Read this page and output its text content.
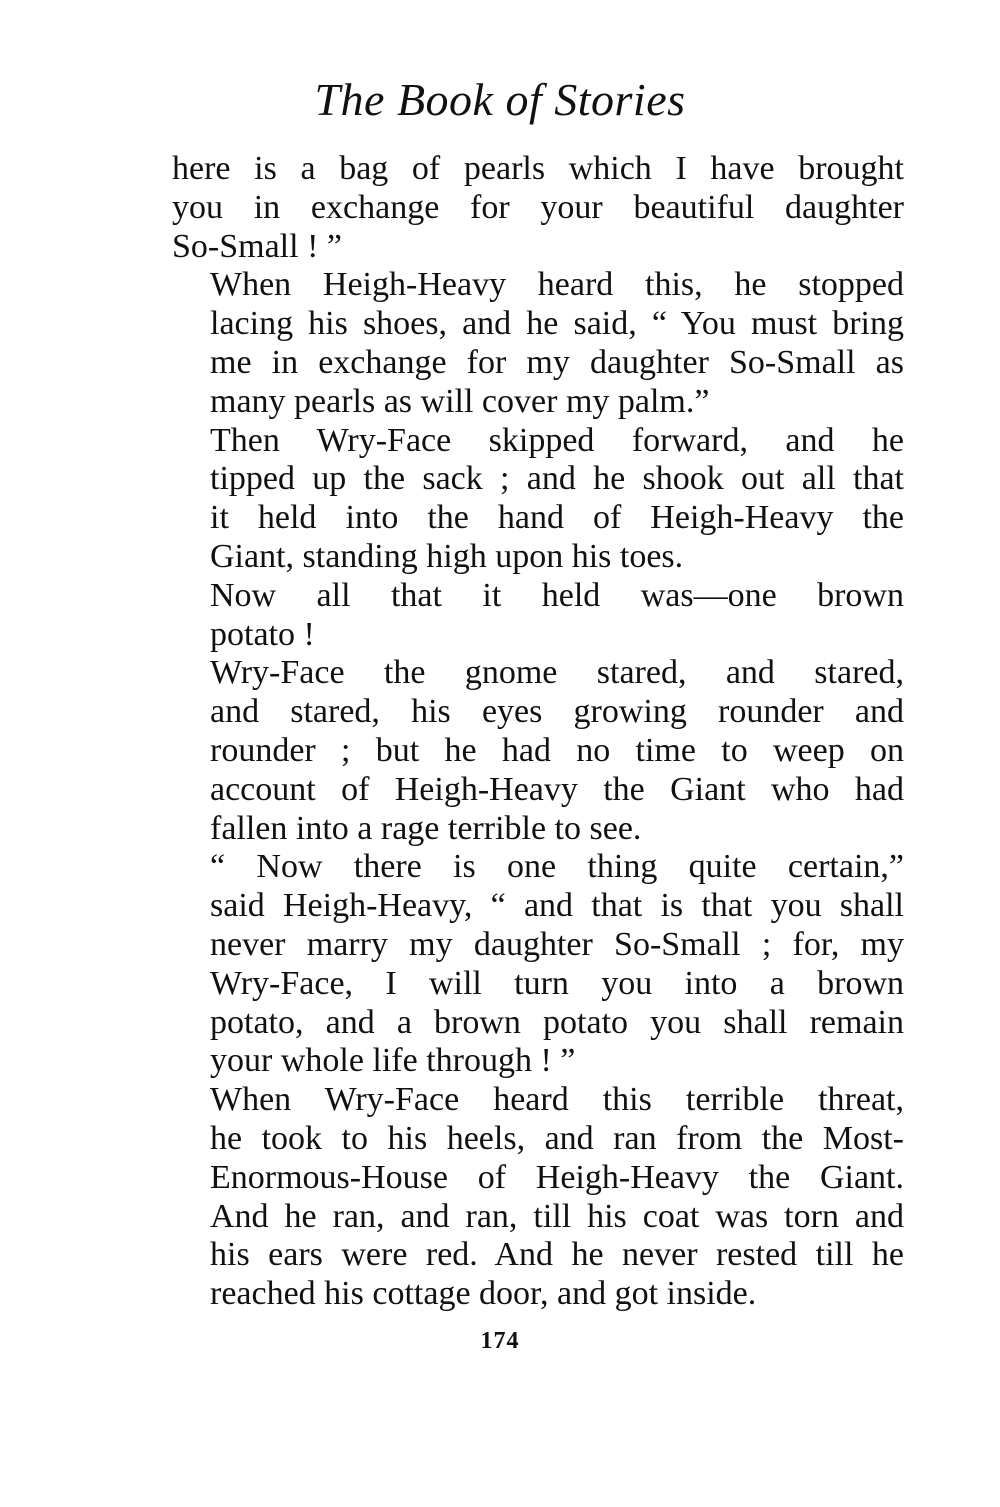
The Book of Stories
here is a bag of pearls which I have brought
you in exchange for your beautiful daughter
So-Small ! ”
When Heigh-Heavy heard this, he stopped
lacing his shoes, and he said, “ You must bring
me in exchange for my daughter So-Small as
many pearls as will cover my palm.”
Then Wry-Face skipped forward, and he
tipped up the sack ; and he shook out all that
it held into the hand of Heigh-Heavy the
Giant, standing high upon his toes.
Now all that it held was—one brown
potato !
Wry-Face the gnome stared, and stared,
and stared, his eyes growing rounder and
rounder ; but he had no time to weep on
account of Heigh-Heavy the Giant who had
fallen into a rage terrible to see.
“ Now there is one thing quite certain,”
said Heigh-Heavy, “ and that is that you shall
never marry my daughter So-Small ; for, my
Wry-Face, I will turn you into a brown
potato, and a brown potato you shall remain
your whole life through ! ”
When Wry-Face heard this terrible threat,
he took to his heels, and ran from the Most-
Enormous-House of Heigh-Heavy the Giant.
And he ran, and ran, till his coat was torn and
his ears were red. And he never rested till he
reached his cottage door, and got inside.
174
